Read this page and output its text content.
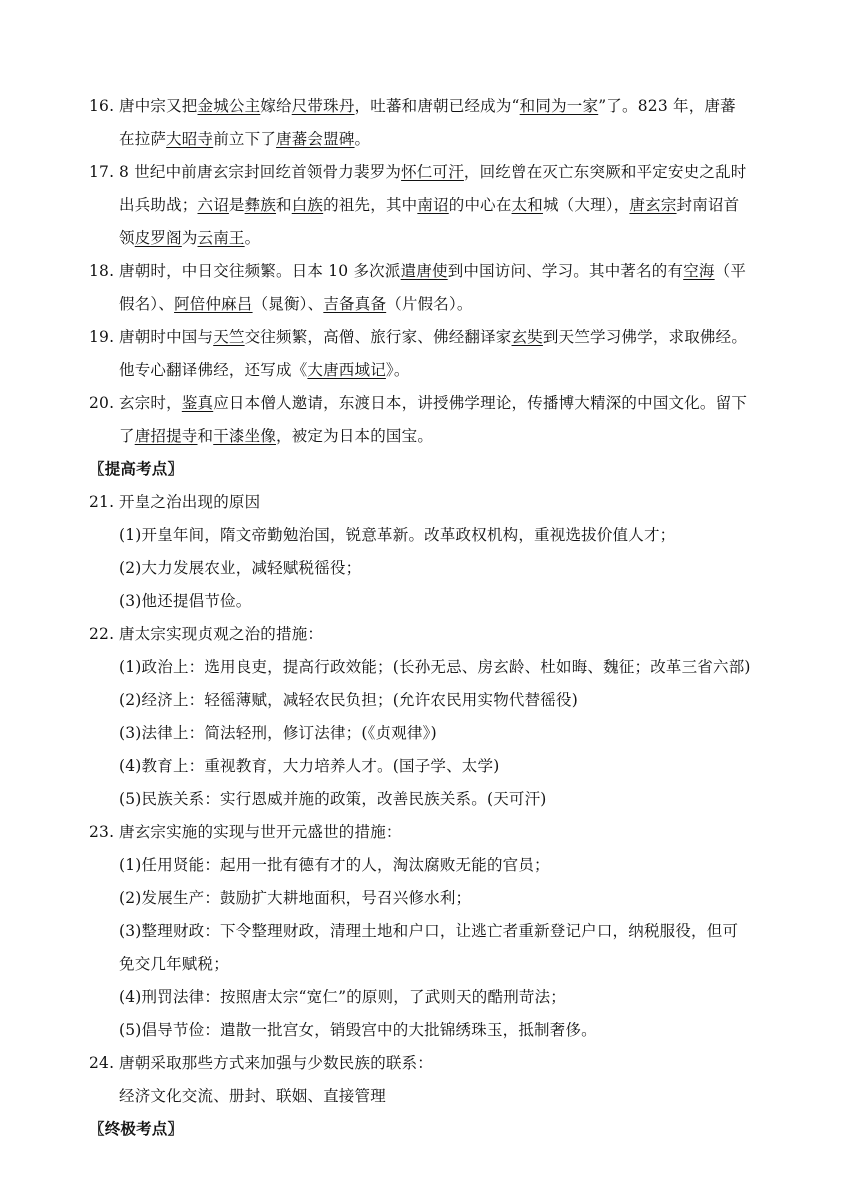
16. 唐中宗又把金城公主嫁给尺带珠丹，吐蕃和唐朝已经成为“和同为一家”了。823 年，唐蕃
在拉萨大昭寺前立下了唐蕃会盟碑。
17. 8 世纪中前唐玄宗封回纥首领骨力裴罗为怀仁可汗，回纥曾在灭亡东突厥和平定安史之乱时
出兵助战；六诏是彝族和白族的祖先，其中南诏的中心在太和城（大理），唐玄宗封南诏首
领皮罗阁为云南王。
18. 唐朝时，中日交往频繁。日本 10 多次派遣唐使到中国访问、学习。其中著名的有空海（平
假名）、阿倍仲麻吕（晁衡）、吉备真备（片假名）。
19. 唐朝时中国与天竺交往频繁，高僧、旅行家、佛经翻译家玄奘到天竺学习佛学，求取佛经。
他专心翻译佛经，还写成《大唐西域记》。
20. 玄宗时，鉴真应日本僧人邀请，东渡日本，讲授佛学理论，传播博大精深的中国文化。留下
了唐招提寺和干漆坐像，被定为日本的国宝。
〖提高考点〗
21. 开皇之治出现的原因
(1)开皇年间，隋文帝勤勉治国，锐意革新。改革政权机构，重视选拔价值人才；
(2)大力发展农业，减轻赋税徭役；
(3)他还提倡节俭。
22. 唐太宗实现贞观之治的措施：
(1)政治上：选用良吏，提高行政效能；(长孙无忌、房玄龄、杜如晦、魏征；改革三省六部)
(2)经济上：轻徭薄赋，减轻农民负担；(允许农民用实物代替徭役)
(3)法律上：简法轻刑，修订法律；(《贞观律》)
(4)教育上：重视教育，大力培养人才。(国子学、太学)
(5)民族关系：实行恩威并施的政策，改善民族关系。(天可汗)
23. 唐玄宗实施的实现与世开元盛世的措施：
(1)任用贤能：起用一批有德有才的人，淘汰腐败无能的官员；
(2)发展生产：鼓励扩大耕地面积，号召兴修水利；
(3)整理财政：下令整理财政，清理土地和户口，让逃亡者重新登记户口，纳税服役，但可
免交几年赋税；
(4)刑罚法律：按照唐太宗“宽仁”的原则，了武则天的酷刑苛法；
(5)倡导节俭：遣散一批宫女，销毁宫中的大批锦绣珠玉，抵制奢侈。
24. 唐朝采取那些方式来加强与少数民族的联系：
经济文化交流、册封、联姻、直接管理
〖终极考点〗
